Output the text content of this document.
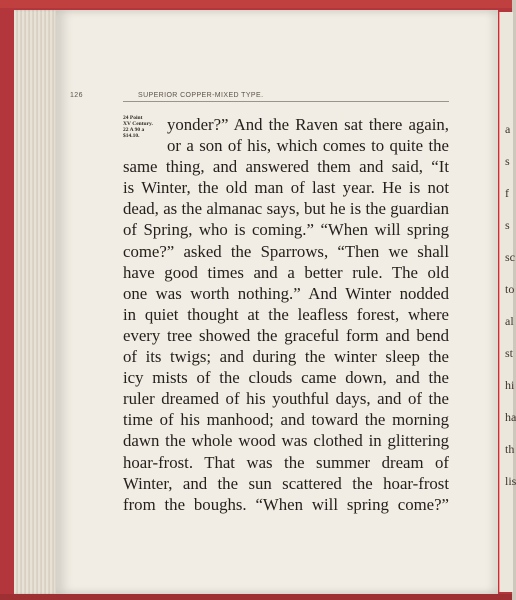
a
s
f
s
sc
to
al
st
hi
ha
th
lis
126	SUPERIOR COPPER-MIXED TYPE.
24 Point
XV Century.
22 A 90 a
$14.10.
yonder?” And the Raven sat there again,
or a son of his, which comes to quite the
same thing, and answered them and said, “It
is Winter, the old man of last year. He is not
dead, as the almanac says, but he is the guardian
of Spring, who is coming.” “When will spring
come?” asked the Sparrows, “Then we shall
have good times and a better rule. The old
one was worth nothing.” And Winter nodded
in quiet thought at the leafless forest, where
every tree showed the graceful form and bend
of its twigs; and during the winter sleep the
icy mists of the clouds came down, and the
ruler dreamed of his youthful days, and of the
time of his manhood; and toward the morning
dawn the whole wood was clothed in glittering
hoar-frost. That was the summer dream of
Winter, and the sun scattered the hoar-frost
from the boughs. “When will spring come?”
